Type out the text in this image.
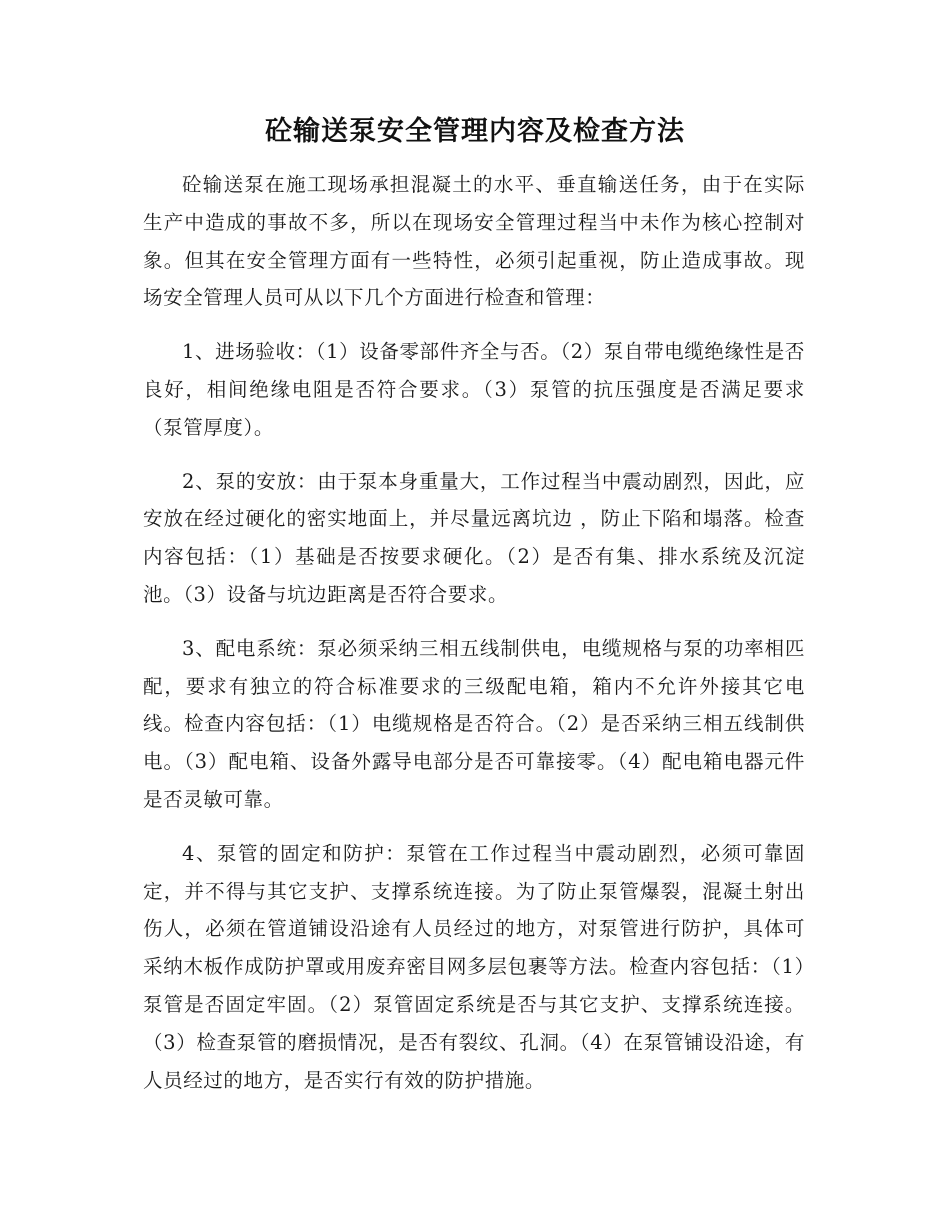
砼输送泵安全管理内容及检查方法

砼输送泵在施工现场承担混凝土的水平、垂直输送任务，由于在实际生产中造成的事故不多，所以在现场安全管理过程当中未作为核心控制对象。但其在安全管理方面有一些特性，必须引起重视，防止造成事故。现场安全管理人员可从以下几个方面进行检查和管理：

1、进场验收：（1）设备零部件齐全与否。（2）泵自带电缆绝缘性是否良好，相间绝缘电阻是否符合要求。（3）泵管的抗压强度是否满足要求（泵管厚度）。

2、泵的安放：由于泵本身重量大，工作过程当中震动剧烈，因此，应安放在经过硬化的密实地面上，并尽量远离坑边 ，防止下陷和塌落。检查内容包括：（1）基础是否按要求硬化。（2）是否有集、排水系统及沉淀池。（3）设备与坑边距离是否符合要求。

3、配电系统：泵必须采纳三相五线制供电，电缆规格与泵的功率相匹配，要求有独立的符合标准要求的三级配电箱，箱内不允许外接其它电线。检查内容包括：（1）电缆规格是否符合。（2）是否采纳三相五线制供电。（3）配电箱、设备外露导电部分是否可靠接零。（4）配电箱电器元件是否灵敏可靠。

4、泵管的固定和防护：泵管在工作过程当中震动剧烈，必须可靠固定，并不得与其它支护、支撑系统连接。为了防止泵管爆裂，混凝土射出伤人，必须在管道铺设沿途有人员经过的地方，对泵管进行防护，具体可采纳木板作成防护罩或用废弃密目网多层包裹等方法。检查内容包括：（1）泵管是否固定牢固。（2）泵管固定系统是否与其它支护、支撑系统连接。（3）检查泵管的磨损情况，是否有裂纹、孔洞。（4）在泵管铺设沿途，有人员经过的地方，是否实行有效的防护措施。
